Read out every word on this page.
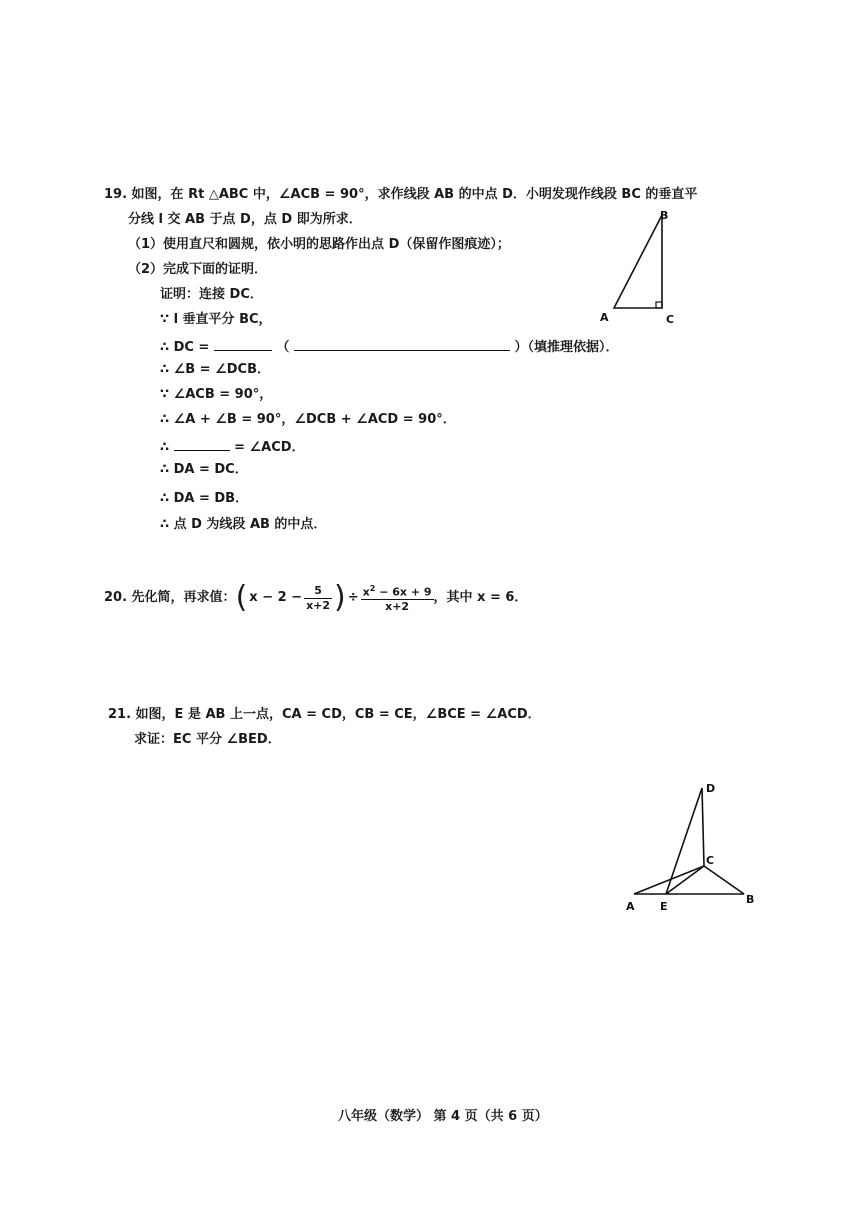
19. 如图，在 Rt △ABC 中，∠ACB = 90°，求作线段 AB 的中点 D．小明发现作线段 BC 的垂直平
分线 l 交 AB 于点 D，点 D 即为所求．
（1）使用直尺和圆规，依小明的思路作出点 D（保留作图痕迹）；
（2）完成下面的证明．
证明：连接 DC．
∵ l 垂直平分 BC，
∴ DC =	（	）（填推理依据）．
∴ ∠B = ∠DCB．
∵ ∠ACB = 90°，
∴ ∠A + ∠B = 90°，∠DCB + ∠ACD = 90°．
∴	= ∠ACD．
∴ DA = DC．
∴ DA = DB．
∴ 点 D 为线段 AB 的中点．
B
A	C
20. 先化简，再求值： ( $x - 2 - \frac{5}{x+2}$ ) ÷ $\frac{x^2 - 6x + 9}{x+2}$ ，其中 x = 6．
21. 如图，E 是 AB 上一点，CA = CD，CB = CE，∠BCE = ∠ACD．
求证：EC 平分 ∠BED．
D
C
A E
B
八年级（数学） 第 4 页（共 6 页）
